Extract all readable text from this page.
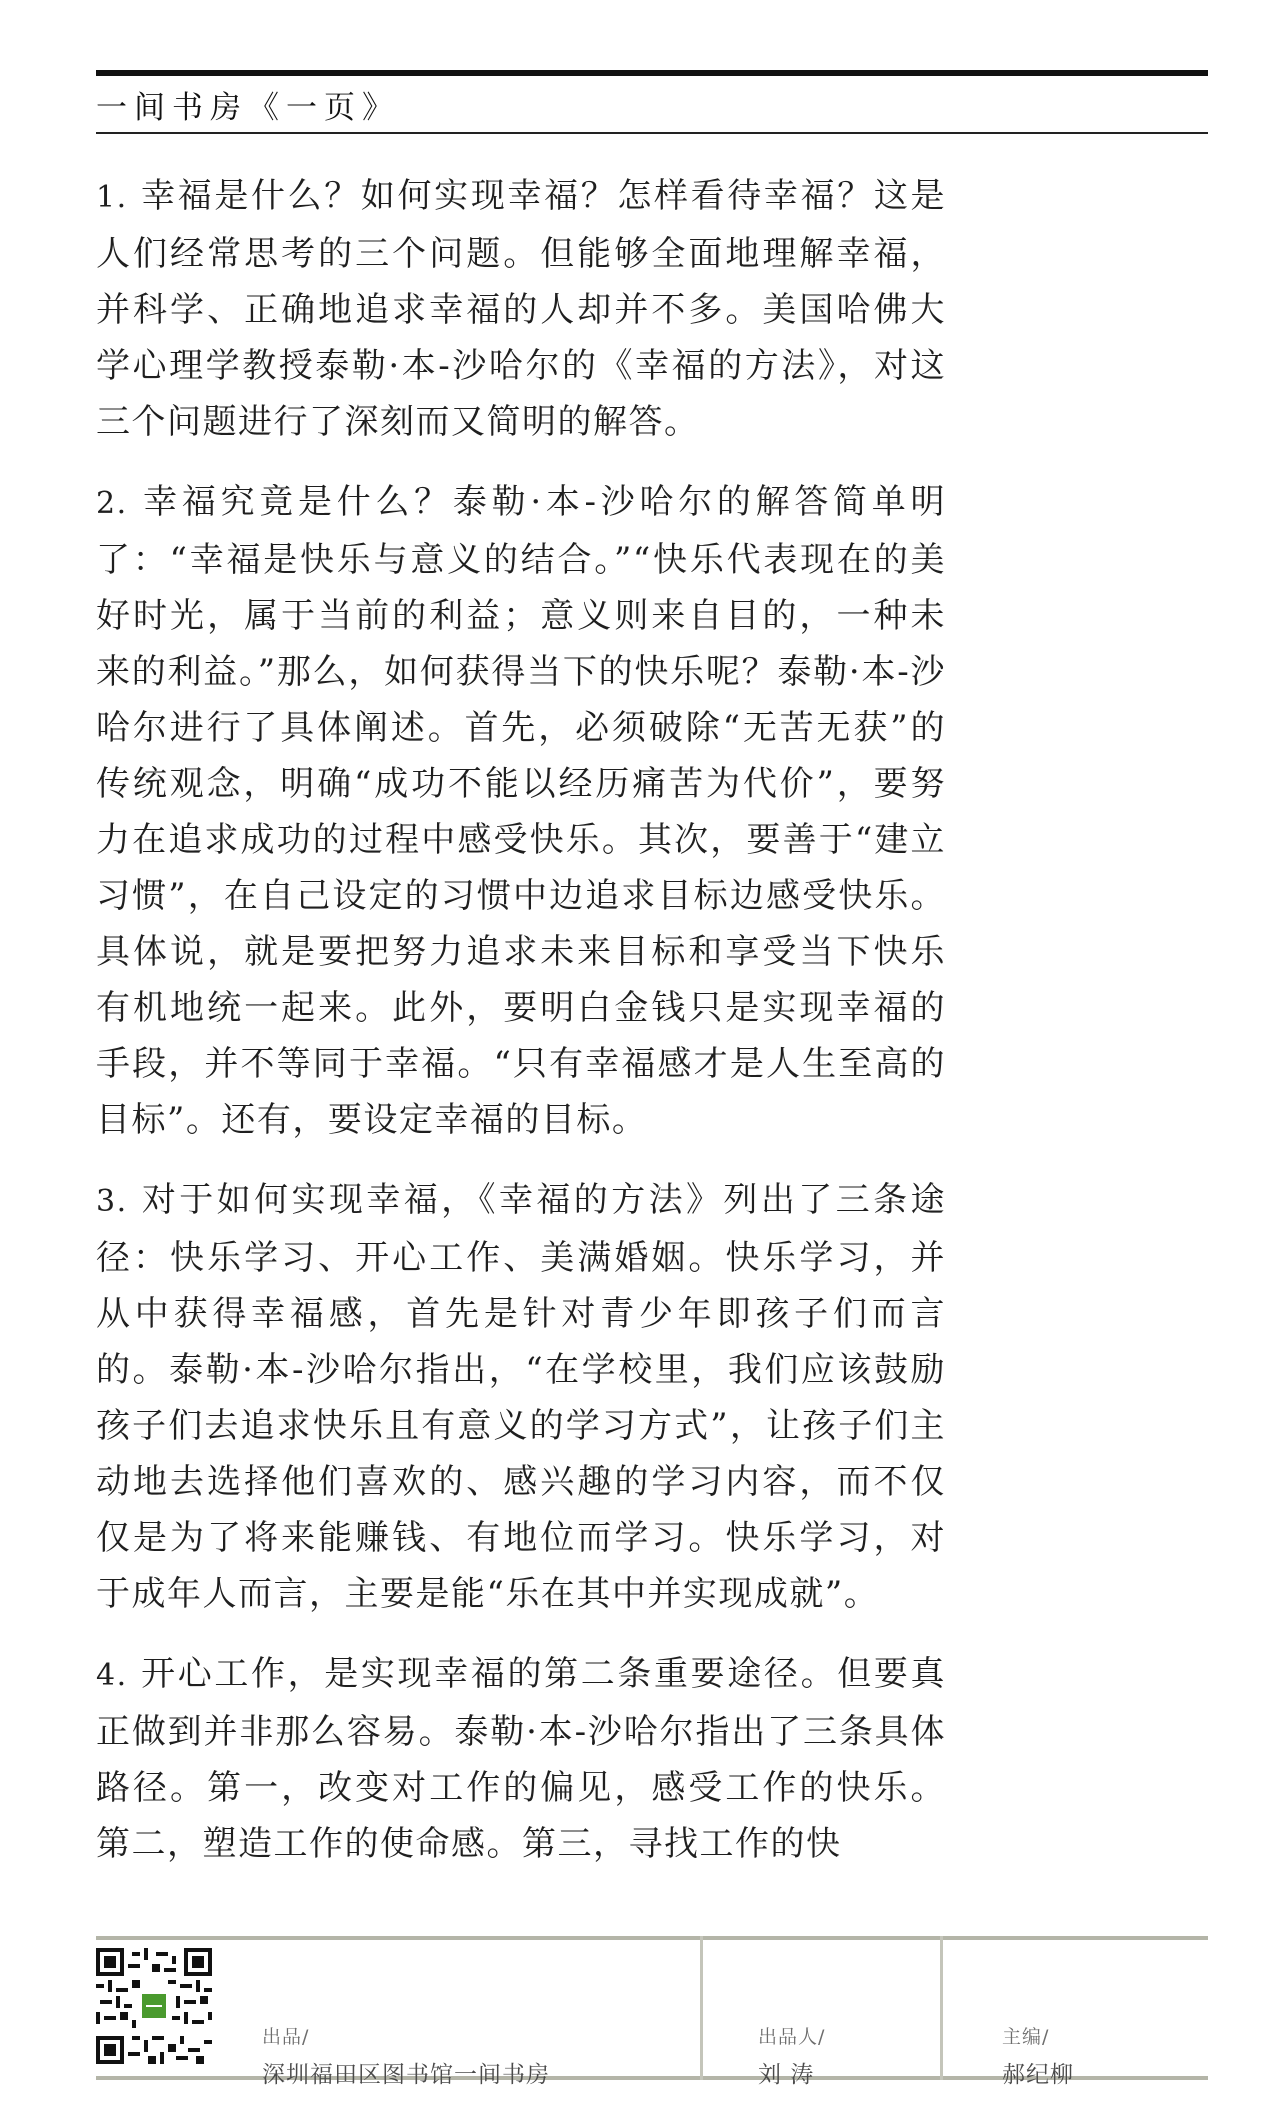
一间书房《一页》

1. 幸福是什么？如何实现幸福？怎样看待幸福？这是人们经常思考的三个问题。但能够全面地理解幸福，并科学、正确地追求幸福的人却并不多。美国哈佛大学心理学教授泰勒·本-沙哈尔的《幸福的方法》，对这三个问题进行了深刻而又简明的解答。

2. 幸福究竟是什么？泰勒·本-沙哈尔的解答简单明了：“幸福是快乐与意义的结合。”“快乐代表现在的美好时光，属于当前的利益；意义则来自目的，一种未来的利益。”那么，如何获得当下的快乐呢？泰勒·本-沙哈尔进行了具体阐述。首先，必须破除“无苦无获”的传统观念，明确“成功不能以经历痛苦为代价”，要努力在追求成功的过程中感受快乐。其次，要善于“建立习惯”，在自己设定的习惯中边追求目标边感受快乐。具体说，就是要把努力追求未来目标和享受当下快乐有机地统一起来。此外，要明白金钱只是实现幸福的手段，并不等同于幸福。“只有幸福感才是人生至高的目标”。还有，要设定幸福的目标。

3. 对于如何实现幸福，《幸福的方法》列出了三条途径：快乐学习、开心工作、美满婚姻。快乐学习，并从中获得幸福感，首先是针对青少年即孩子们而言的。泰勒·本-沙哈尔指出，“在学校里，我们应该鼓励孩子们去追求快乐且有意义的学习方式”，让孩子们主动地去选择他们喜欢的、感兴趣的学习内容，而不仅仅是为了将来能赚钱、有地位而学习。快乐学习，对于成年人而言，主要是能“乐在其中并实现成就”。

4. 开心工作，是实现幸福的第二条重要途径。但要真正做到并非那么容易。泰勒·本-沙哈尔指出了三条具体路径。第一，改变对工作的偏见，感受工作的快乐。第二，塑造工作的使命感。第三，寻找工作的快

出品/
深圳福田区图书馆一间书房
出品人/
刘 涛
主编/
郝纪柳
